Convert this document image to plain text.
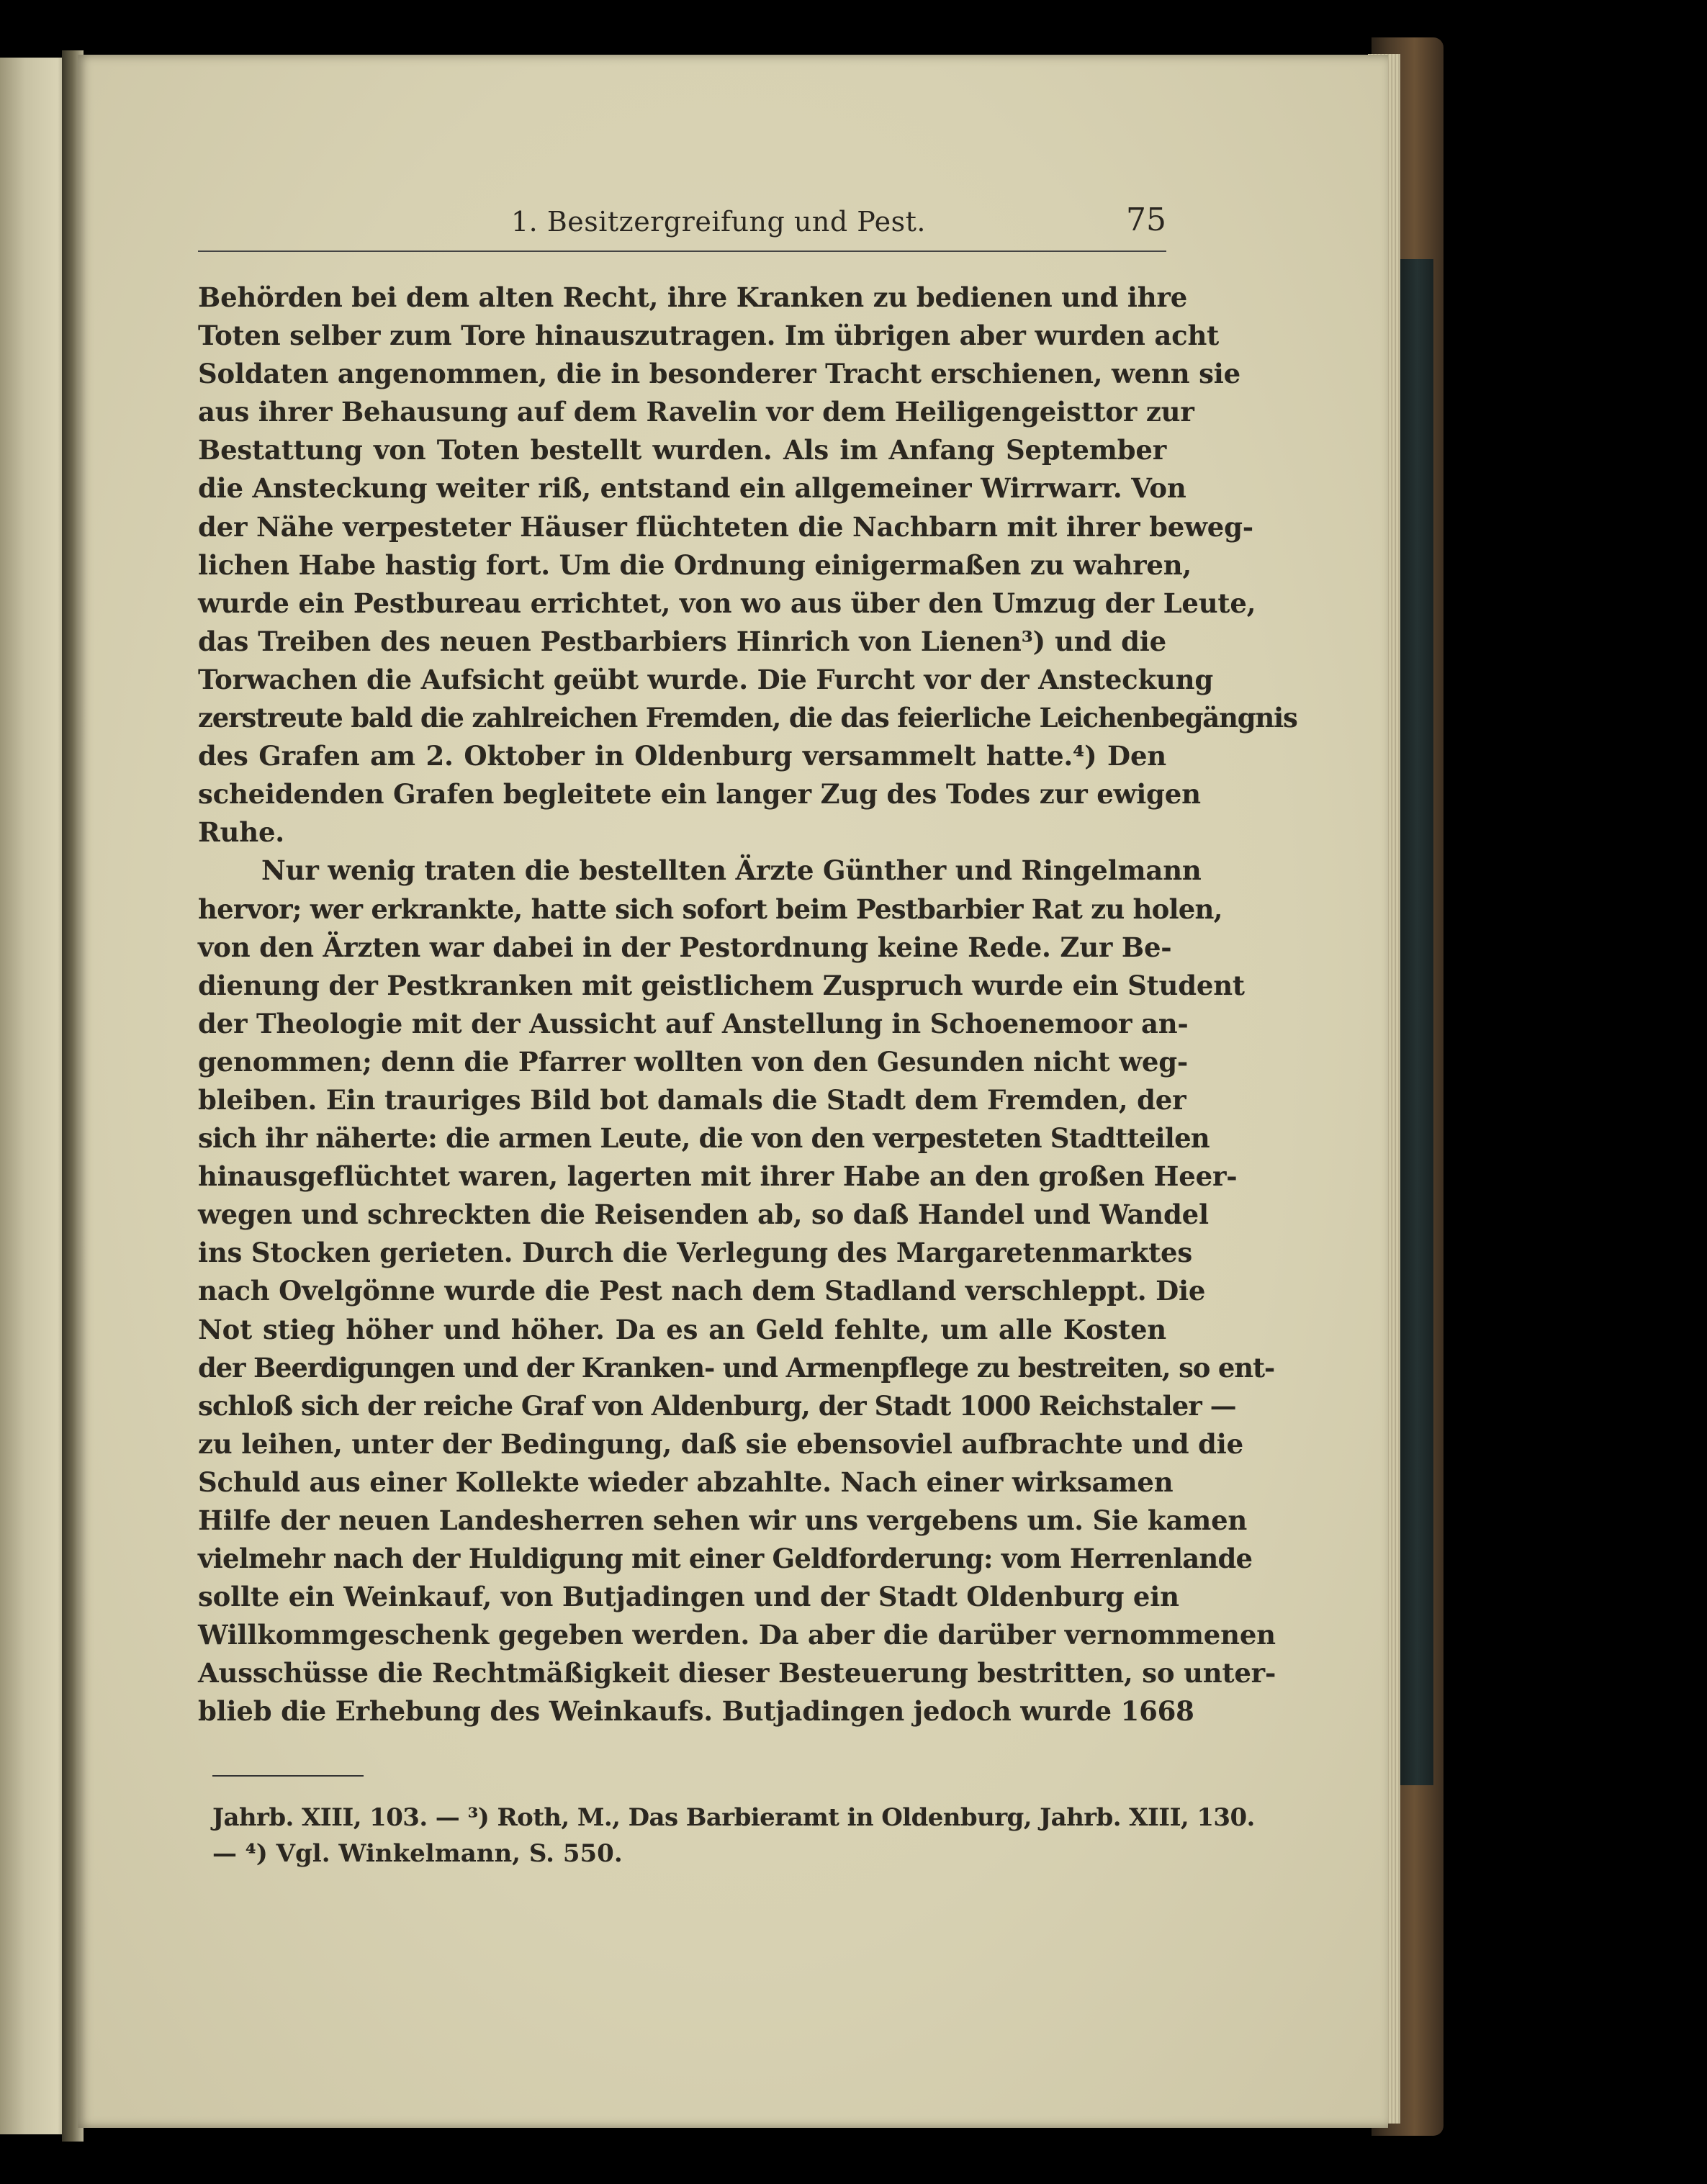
1. Besitzergreifung und Pest.	75
Behörden bei dem alten Recht, ihre Kranken zu bedienen und ihre
Toten selber zum Tore hinauszutragen. Im übrigen aber wurden acht
Soldaten angenommen, die in besonderer Tracht erschienen, wenn sie
aus ihrer Behausung auf dem Ravelin vor dem Heiligengeisttor zur
Bestattung von Toten bestellt wurden. Als im Anfang September
die Ansteckung weiter riß, entstand ein allgemeiner Wirrwarr. Von
der Nähe verpesteter Häuser flüchteten die Nachbarn mit ihrer beweg-
lichen Habe hastig fort. Um die Ordnung einigermaßen zu wahren,
wurde ein Pestbureau errichtet, von wo aus über den Umzug der Leute,
das Treiben des neuen Pestbarbiers Hinrich von Lienen³) und die
Torwachen die Aufsicht geübt wurde. Die Furcht vor der Ansteckung
zerstreute bald die zahlreichen Fremden, die das feierliche Leichenbegängnis
des Grafen am 2. Oktober in Oldenburg versammelt hatte.⁴) Den
scheidenden Grafen begleitete ein langer Zug des Todes zur ewigen
Ruhe.
Nur wenig traten die bestellten Ärzte Günther und Ringelmann
hervor; wer erkrankte, hatte sich sofort beim Pestbarbier Rat zu holen,
von den Ärzten war dabei in der Pestordnung keine Rede. Zur Be-
dienung der Pestkranken mit geistlichem Zuspruch wurde ein Student
der Theologie mit der Aussicht auf Anstellung in Schoenemoor an-
genommen; denn die Pfarrer wollten von den Gesunden nicht weg-
bleiben. Ein trauriges Bild bot damals die Stadt dem Fremden, der
sich ihr näherte: die armen Leute, die von den verpesteten Stadtteilen
hinausgeflüchtet waren, lagerten mit ihrer Habe an den großen Heer-
wegen und schreckten die Reisenden ab, so daß Handel und Wandel
ins Stocken gerieten. Durch die Verlegung des Margaretenmarktes
nach Ovelgönne wurde die Pest nach dem Stadland verschleppt. Die
Not stieg höher und höher. Da es an Geld fehlte, um alle Kosten
der Beerdigungen und der Kranken- und Armenpflege zu bestreiten, so ent-
schloß sich der reiche Graf von Aldenburg, der Stadt 1000 Reichstaler —
zu leihen, unter der Bedingung, daß sie ebensoviel aufbrachte und die
Schuld aus einer Kollekte wieder abzahlte. Nach einer wirksamen
Hilfe der neuen Landesherren sehen wir uns vergebens um. Sie kamen
vielmehr nach der Huldigung mit einer Geldforderung: vom Herrenlande
sollte ein Weinkauf, von Butjadingen und der Stadt Oldenburg ein
Willkommgeschenk gegeben werden. Da aber die darüber vernommenen
Ausschüsse die Rechtmäßigkeit dieser Besteuerung bestritten, so unter-
blieb die Erhebung des Weinkaufs. Butjadingen jedoch wurde 1668
Jahrb. XIII, 103. — ³) Roth, M., Das Barbieramt in Oldenburg, Jahrb. XIII, 130.
— ⁴) Vgl. Winkelmann, S. 550.
